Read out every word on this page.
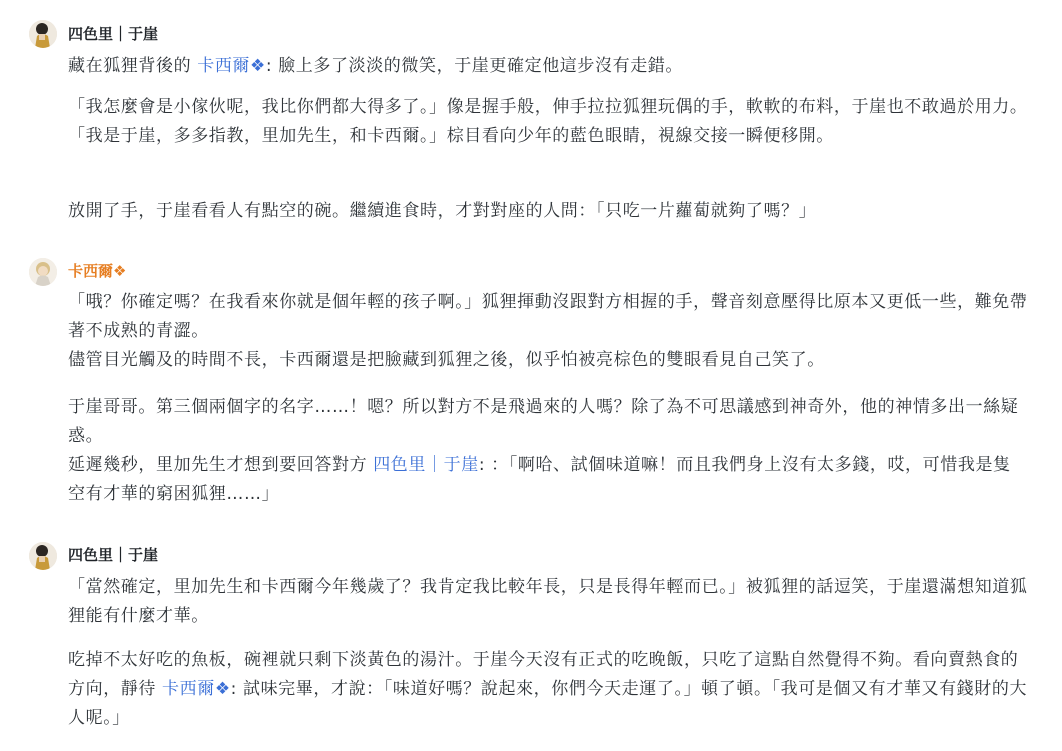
四色里｜于崖
藏在狐狸背後的 卡西爾❖: 臉上多了淡淡的微笑，于崖更確定他這步沒有走錯。
「我怎麼會是小傢伙呢，我比你們都大得多了。」像是握手般，伸手拉拉狐狸玩偶的手，軟軟的布料，于崖也不敢過於用力。「我是于崖，多多指教，里加先生，和卡西爾。」棕目看向少年的藍色眼睛，視線交接一瞬便移開。
放開了手，于崖看看人有點空的碗。繼續進食時，才對對座的人問：「只吃一片蘿蔔就夠了嗎？」
卡西爾❖
「哦？你確定嗎？在我看來你就是個年輕的孩子啊。」狐狸揮動沒跟對方相握的手，聲音刻意壓得比原本又更低一些，難免帶著不成熟的青澀。
儘管目光觸及的時間不長，卡西爾還是把臉藏到狐狸之後，似乎怕被亮棕色的雙眼看見自己笑了。
于崖哥哥。第三個兩個字的名字……！嗯？所以對方不是飛過來的人嗎？除了為不可思議感到神奇外，他的神情多出一絲疑惑。
延遲幾秒，里加先生才想到要回答對方 四色里｜于崖: ：「啊哈、試個味道嘛！而且我們身上沒有太多錢，哎，可惜我是隻空有才華的窮困狐狸……」
四色里｜于崖
「當然確定，里加先生和卡西爾今年幾歲了？我肯定我比較年長，只是長得年輕而已。」被狐狸的話逗笑，于崖還滿想知道狐狸能有什麼才華。
吃掉不太好吃的魚板，碗裡就只剩下淡黃色的湯汁。于崖今天沒有正式的吃晚飯，只吃了這點自然覺得不夠。看向賣熱食的方向，靜待 卡西爾❖: 試味完畢，才說：「味道好嗎？說起來，你們今天走運了。」頓了頓。「我可是個又有才華又有錢財的大人呢。」
